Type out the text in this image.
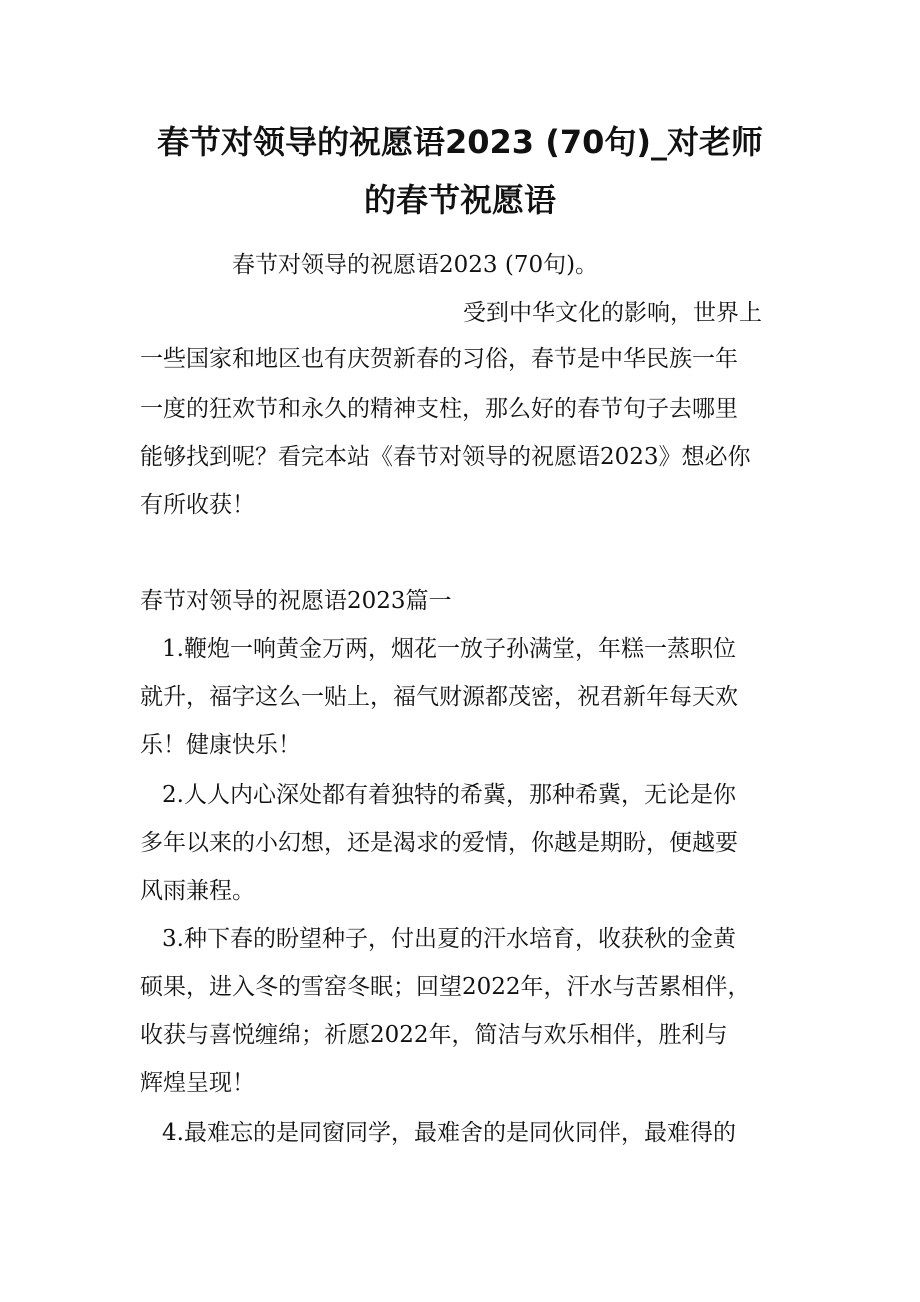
春节对领导的祝愿语2023 (70句)_对老师
的春节祝愿语
春节对领导的祝愿语2023 (70句)。
受到中华文化的影响，世界上
一些国家和地区也有庆贺新春的习俗，春节是中华民族一年
一度的狂欢节和永久的精神支柱，那么好的春节句子去哪里
能够找到呢？看完本站《春节对领导的祝愿语2023》想必你
有所收获！
春节对领导的祝愿语2023篇一
1.鞭炮一响黄金万两，烟花一放子孙满堂，年糕一蒸职位
就升，福字这么一贴上，福气财源都茂密，祝君新年每天欢
乐！健康快乐！
2.人人内心深处都有着独特的希冀，那种希冀，无论是你
多年以来的小幻想，还是渴求的爱情，你越是期盼，便越要
风雨兼程。
3.种下春的盼望种子，付出夏的汗水培育，收获秋的金黄
硕果，进入冬的雪窑冬眠；回望2022年，汗水与苦累相伴，
收获与喜悦缠绵；祈愿2022年，简洁与欢乐相伴，胜利与
辉煌呈现！
4.最难忘的是同窗同学，最难舍的是同伙同伴，最难得的
